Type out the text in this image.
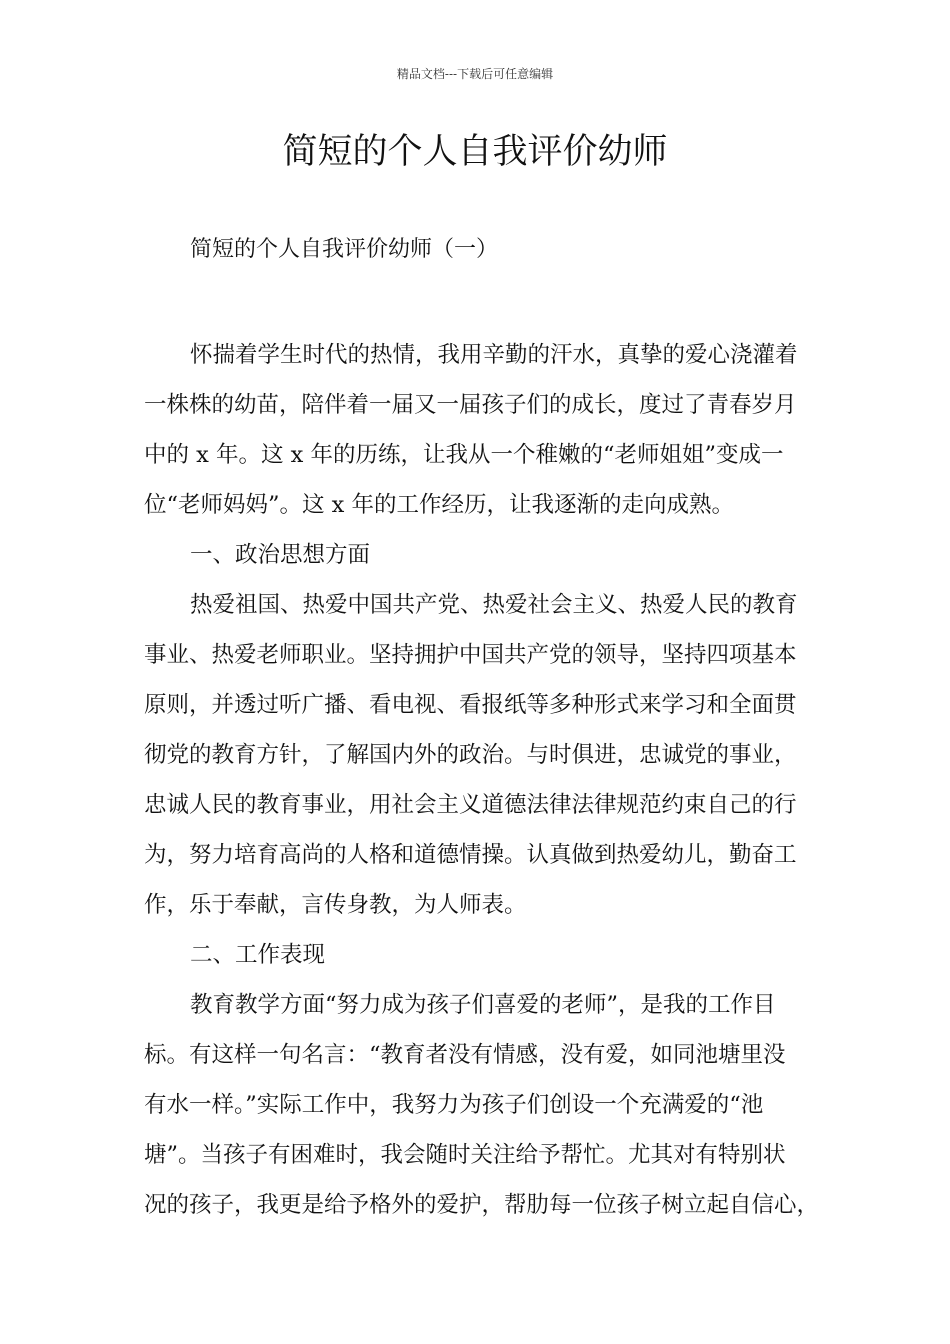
精品文档---下载后可任意编辑
简短的个人自我评价幼师
简短的个人自我评价幼师（一）
怀揣着学生时代的热情，我用辛勤的汗水，真挚的爱心浇灌着
一株株的幼苗，陪伴着一届又一届孩子们的成长，度过了青春岁月
中的 x 年。这 x 年的历练，让我从一个稚嫩的“老师姐姐”变成一
位“老师妈妈”。这 x 年的工作经历，让我逐渐的走向成熟。
一、政治思想方面
热爱祖国、热爱中国共产党、热爱社会主义、热爱人民的教育
事业、热爱老师职业。坚持拥护中国共产党的领导，坚持四项基本
原则，并透过听广播、看电视、看报纸等多种形式来学习和全面贯
彻党的教育方针，了解国内外的政治。与时俱进，忠诚党的事业，
忠诚人民的教育事业，用社会主义道德法律法律规范约束自己的行
为，努力培育高尚的人格和道德情操。认真做到热爱幼儿，勤奋工
作，乐于奉献，言传身教，为人师表。
二、工作表现
教育教学方面“努力成为孩子们喜爱的老师”，是我的工作目
标。有这样一句名言：“教育者没有情感，没有爱，如同池塘里没
有水一样。”实际工作中，我努力为孩子们创设一个充满爱的“池
塘”。当孩子有困难时，我会随时关注给予帮忙。尤其对有特别状
况的孩子，我更是给予格外的爱护，帮肋每一位孩子树立起自信心，
